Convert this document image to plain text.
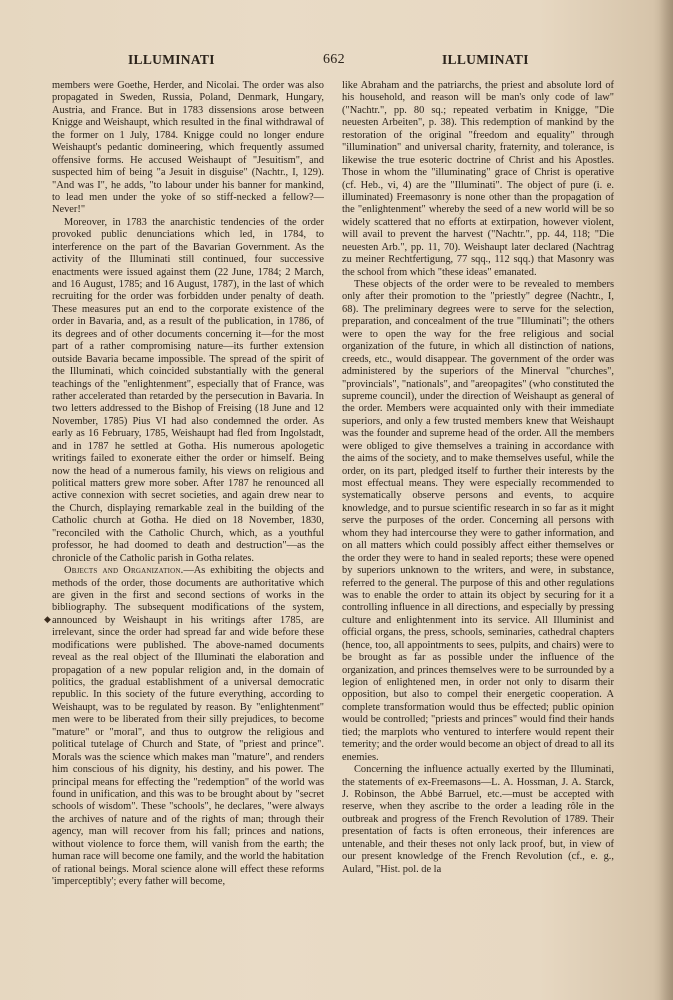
ILLUMINATI	662	ILLUMINATI

members were Goethe, Herder, and Nicolai. The order was also propagated in Sweden, Russia, Poland, Denmark, Hungary, Austria, and France. But in 1783 dissensions arose between Knigge and Weishaupt, which resulted in the final withdrawal of the former on 1 July, 1784. Knigge could no longer endure Weishaupt's pedantic domineering, which frequently assumed offensive forms. He accused Weishaupt of "Jesuitism", and suspected him of being "a Jesuit in disguise" (Nachtr., I, 129). "And was I", he adds, "to labour under his banner for mankind, to lead men under the yoke of so stiff-necked a fellow?—Never!"

Moreover, in 1783 the anarchistic tendencies of the order provoked public denunciations which led, in 1784, to interference on the part of the Bavarian Government. As the activity of the Illuminati still continued, four successive enactments were issued against them (22 June, 1784; 2 March, and 16 August, 1785; and 16 August, 1787), in the last of which recruiting for the order was forbidden under penalty of death. These measures put an end to the corporate existence of the order in Bavaria, and, as a result of the publication, in 1786, of its degrees and of other documents concerning it—for the most part of a rather compromising nature—its further extension outside Bavaria became impossible. The spread of the spirit of the Illuminati, which coincided substantially with the general teachings of the "enlightenment", especially that of France, was rather accelerated than retarded by the persecution in Bavaria. In two letters addressed to the Bishop of Freising (18 June and 12 November, 1785) Pius VI had also condemned the order. As early as 16 February, 1785, Weishaupt had fled from Ingolstadt, and in 1787 he settled at Gotha. His numerous apologetic writings failed to exonerate either the order or himself. Being now the head of a numerous family, his views on religious and political matters grew more sober. After 1787 he renounced all active connexion with secret societies, and again drew near to the Church, displaying remarkable zeal in the building of the Catholic church at Gotha. He died on 18 November, 1830, "reconciled with the Catholic Church, which, as a youthful professor, he had doomed to death and destruction"—as the chronicle of the Catholic parish in Gotha relates.

Objects and Organization.—As exhibiting the objects and methods of the order, those documents are authoritative which are given in the first and second sections of works in the bibliography. The subsequent modifications of the system, announced by Weishaupt in his writings after 1785, are irrelevant, since the order had spread far and wide before these modifications were published. The above-named documents reveal as the real object of the Illuminati the elaboration and propagation of a new popular religion and, in the domain of politics, the gradual establishment of a universal democratic republic. In this society of the future everything, according to Weishaupt, was to be regulated by reason. By "enlightenment" men were to be liberated from their silly prejudices, to become "mature" or "moral", and thus to outgrow the religious and political tutelage of Church and State, of "priest and prince". Morals was the science which makes man "mature", and renders him conscious of his dignity, his destiny, and his power. The principal means for effecting the "redemption" of the world was found in unification, and this was to be brought about by "secret schools of wisdom". These "schools", he declares, "were always the archives of nature and of the rights of man; through their agency, man will recover from his fall; princes and nations, without violence to force them, will vanish from the earth; the human race will become one family, and the world the habitation of rational beings. Moral science alone will effect these reforms 'imperceptibly'; every father will become,

like Abraham and the patriarchs, the priest and absolute lord of his household, and reason will be man's only code of law" ("Nachtr.", pp. 80 sq.; repeated verbatim in Knigge, "Die neuesten Arbeiten", p. 38). This redemption of mankind by the restoration of the original "freedom and equality" through "illumination" and universal charity, fraternity, and tolerance, is likewise the true esoteric doctrine of Christ and his Apostles. Those in whom the "illuminating" grace of Christ is operative (cf. Heb., vi, 4) are the "Illuminati". The object of pure (i. e. illuminated) Freemasonry is none other than the propagation of the "enlightenment" whereby the seed of a new world will be so widely scattered that no efforts at extirpation, however violent, will avail to prevent the harvest ("Nachtr.", pp. 44, 118; "Die neuesten Arb.", pp. 11, 70). Weishaupt later declared (Nachtrag zu meiner Rechtfertigung, 77 sqq., 112 sqq.) that Masonry was the school from which "these ideas" emanated.

These objects of the order were to be revealed to members only after their promotion to the "priestly" degree (Nachtr., I, 68). The preliminary degrees were to serve for the selection, preparation, and concealment of the true "Illuminati"; the others were to open the way for the free religious and social organization of the future, in which all distinction of nations, creeds, etc., would disappear. The government of the order was administered by the superiors of the Minerval "churches", "provincials", "nationals", and "areopagites" (who constituted the supreme council), under the direction of Weishaupt as general of the order. Members were acquainted only with their immediate superiors, and only a few trusted members knew that Weishaupt was the founder and supreme head of the order. All the members were obliged to give themselves a training in accordance with the aims of the society, and to make themselves useful, while the order, on its part, pledged itself to further their interests by the most effectual means. They were especially recommended to systematically observe persons and events, to acquire knowledge, and to pursue scientific research in so far as it might serve the purposes of the order. Concerning all persons with whom they had intercourse they were to gather information, and on all matters which could possibly affect either themselves or the order they were to hand in sealed reports; these were opened by superiors unknown to the writers, and were, in substance, referred to the general. The purpose of this and other regulations was to enable the order to attain its object by securing for it a controlling influence in all directions, and especially by pressing culture and enlightenment into its service. All Illuminist and official organs, the press, schools, seminaries, cathedral chapters (hence, too, all appointments to sees, pulpits, and chairs) were to be brought as far as possible under the influence of the organization, and princes themselves were to be surrounded by a legion of enlightened men, in order not only to disarm their opposition, but also to compel their energetic cooperation. A complete transformation would thus be effected; public opinion would be controlled; "priests and princes" would find their hands tied; the marplots who ventured to interfere would repent their temerity; and the order would become an object of dread to all its enemies.

Concerning the influence actually exerted by the Illuminati, the statements of ex-Freemasons—L. A. Hossman, J. A. Starck, J. Robinson, the Abbé Barruel, etc.—must be accepted with reserve, when they ascribe to the order a leading rôle in the outbreak and progress of the French Revolution of 1789. Their presentation of facts is often erroneous, their inferences are untenable, and their theses not only lack proof, but, in view of our present knowledge of the French Revolution (cf., e. g., Aulard, "Hist. pol. de la

◆
